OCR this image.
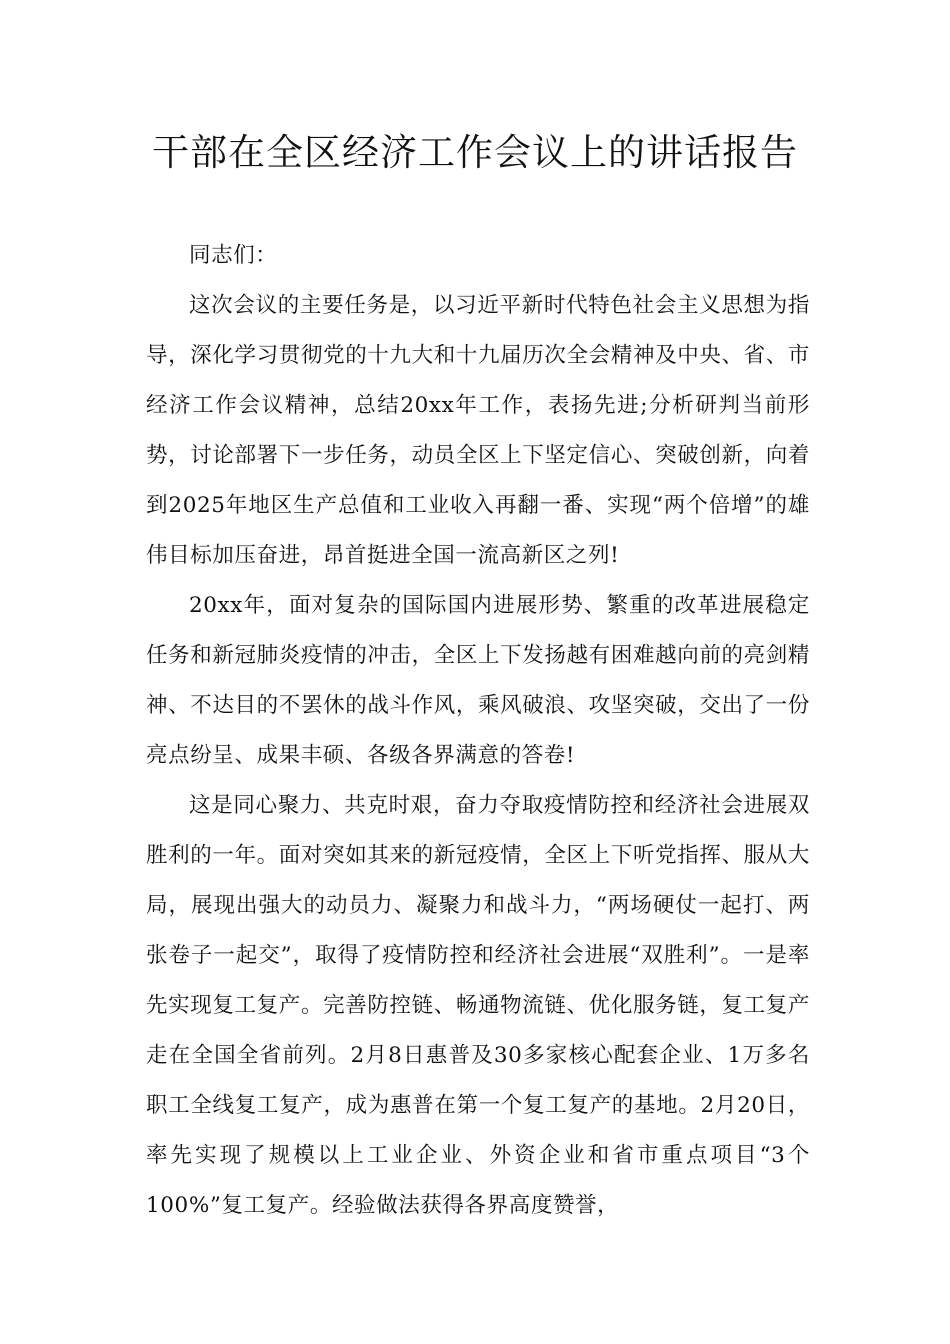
干部在全区经济工作会议上的讲话报告

同志们：

这次会议的主要任务是，以习近平新时代特色社会主义思想为指导，深化学习贯彻党的十九大和十九届历次全会精神及中央、省、市经济工作会议精神，总结20xx年工作，表扬先进;分析研判当前形势，讨论部署下一步任务，动员全区上下坚定信心、突破创新，向着到2025年地区生产总值和工业收入再翻一番、实现“两个倍增”的雄伟目标加压奋进，昂首挺进全国一流高新区之列!

20xx年，面对复杂的国际国内进展形势、繁重的改革进展稳定任务和新冠肺炎疫情的冲击，全区上下发扬越有困难越向前的亮剑精神、不达目的不罢休的战斗作风，乘风破浪、攻坚突破，交出了一份亮点纷呈、成果丰硕、各级各界满意的答卷!

这是同心聚力、共克时艰，奋力夺取疫情防控和经济社会进展双胜利的一年。面对突如其来的新冠疫情，全区上下听党指挥、服从大局，展现出强大的动员力、凝聚力和战斗力，“两场硬仗一起打、两张卷子一起交”，取得了疫情防控和经济社会进展“双胜利”。一是率先实现复工复产。完善防控链、畅通物流链、优化服务链，复工复产走在全国全省前列。2月8日惠普及30多家核心配套企业、1万多名职工全线复工复产，成为惠普在第一个复工复产的基地。2月20日，率先实现了规模以上工业企业、外资企业和省市重点项目“3个100%”复工复产。经验做法获得各界高度赞誉，
